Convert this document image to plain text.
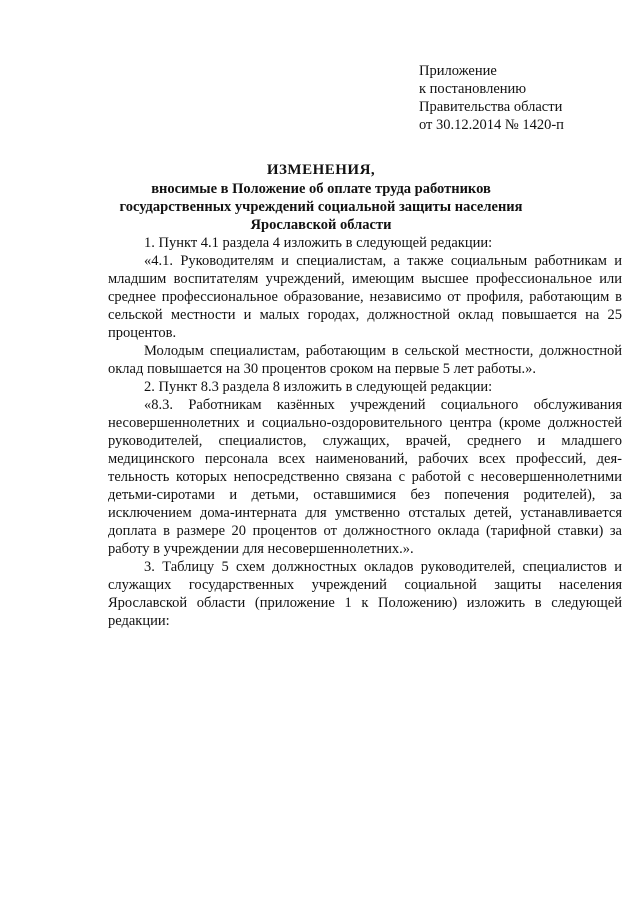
Приложение
к постановлению
Правительства области
от 30.12.2014 № 1420-п
ИЗМЕНЕНИЯ,
вносимые в Положение об оплате труда работников государственных учреждений социальной защиты населения Ярославской области

1. Пункт 4.1 раздела 4 изложить в следующей редакции:

«4.1. Руководителям и специалистам, а также социальным работникам и младшим воспитателям учреждений, имеющим высшее профессиональное или среднее профессиональное образование, независимо от профиля, работающим в сельской местности и малых городах, должностной оклад повышается на 25 процентов.

Молодым специалистам, работающим в сельской местности, должностной оклад повышается на 30 процентов сроком на первые 5 лет работы.».

2. Пункт 8.3 раздела 8 изложить в следующей редакции:

«8.3. Работникам казённых учреждений социального обслуживания несовершеннолетних и социально-оздоровительного центра (кроме должностей руководителей, специалистов, служащих, врачей, среднего и младшего медицинского персонала всех наименований, рабочих всех профессий, деятельность которых непосредственно связана с работой с несовершеннолетними детьми-сиротами и детьми, оставшимися без попечения родителей), за исключением дома-интерната для умственно отсталых детей, устанавливается доплата в размере 20 процентов от должностного оклада (тарифной ставки) за работу в учреждении для несовершеннолетних.».

3. Таблицу 5 схем должностных окладов руководителей, специалистов и служащих государственных учреждений социальной защиты населения Ярославской области (приложение 1 к Положению) изложить в следующей редакции:
